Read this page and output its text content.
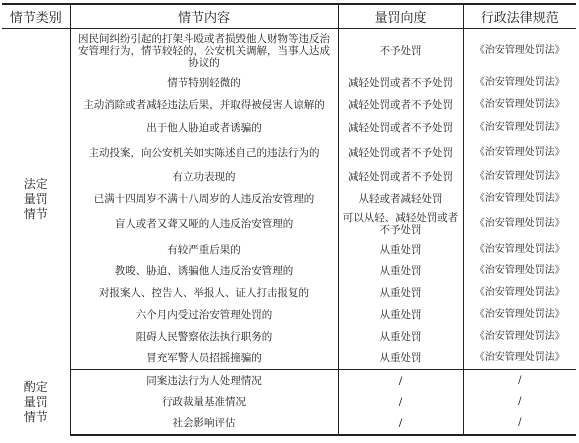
情节类别	情节内容	量罚向度	行政法律规范

法定
量罚
情节	因民间纠纷引起的打架斗殴或者损毁他人财物等违反治安管理行为，情节较轻的，公安机关调解，当事人达成协议的	不予处罚	《治安管理处罚法》
	情节特别轻微的	减轻处罚或者不予处罚	《治安管理处罚法》
	主动消除或者减轻违法后果，并取得被侵害人谅解的	减轻处罚或者不予处罚	《治安管理处罚法》
	出于他人胁迫或者诱骗的	减轻处罚或者不予处罚	《治安管理处罚法》
	主动投案，向公安机关如实陈述自己的违法行为的	减轻处罚或者不予处罚	《治安管理处罚法》
	有立功表现的	减轻处罚或者不予处罚	《治安管理处罚法》
	已满十四周岁不满十八周岁的人违反治安管理的	从轻或者减轻处罚	《治安管理处罚法》
	盲人或者又聋又哑的人违反治安管理的	可以从轻、减轻处罚或者不予处罚	《治安管理处罚法》
	有较严重后果的	从重处罚	《治安管理处罚法》
	教唆、胁迫、诱骗他人违反治安管理的	从重处罚	《治安管理处罚法》
	对报案人、控告人、举报人、证人打击报复的	从重处罚	《治安管理处罚法》
	六个月内受过治安管理处罚的	从重处罚	《治安管理处罚法》
	阻碍人民警察依法执行职务的	从重处罚	《治安管理处罚法》
	冒充军警人员招摇撞骗的	从重处罚	《治安管理处罚法》

酌定
量罚
情节	同案违法行为人处理情况	/	/
	行政裁量基准情况	/	/
	社会影响评估	/	/
